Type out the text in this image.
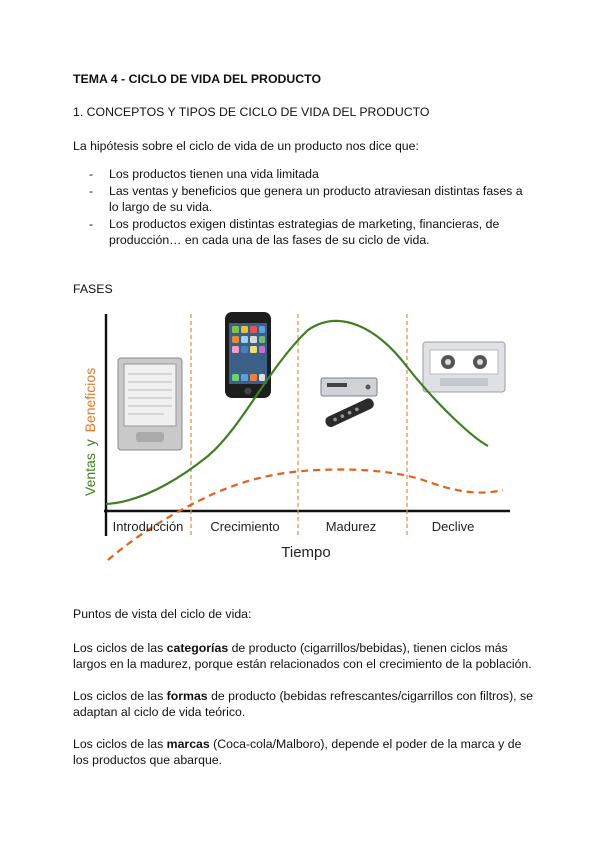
TEMA 4 - CICLO DE VIDA DEL PRODUCTO
1. CONCEPTOS Y TIPOS DE CICLO DE VIDA DEL PRODUCTO
La hipótesis sobre el ciclo de vida de un producto nos dice que:
- Los productos tienen una vida limitada
- Las ventas y beneficios que genera un producto atraviesan distintas fases a lo largo de su vida.
- Los productos exigen distintas estrategias de marketing, financieras, de producción… en cada una de las fases de su ciclo de vida.
FASES
Ventas y Beneficios
Introducción Crecimiento	Madurez	Declive
Tiempo
Puntos de vista del ciclo de vida:

Los ciclos de las categorías de producto (cigarrillos/bebidas), tienen ciclos más largos en la madurez, porque están relacionados con el crecimiento de la población.

Los ciclos de las formas de producto (bebidas refrescantes/cigarrillos con filtros), se adaptan al ciclo de vida teórico.

Los ciclos de las marcas (Coca-cola/Malboro), depende el poder de la marca y de los productos que abarque.
